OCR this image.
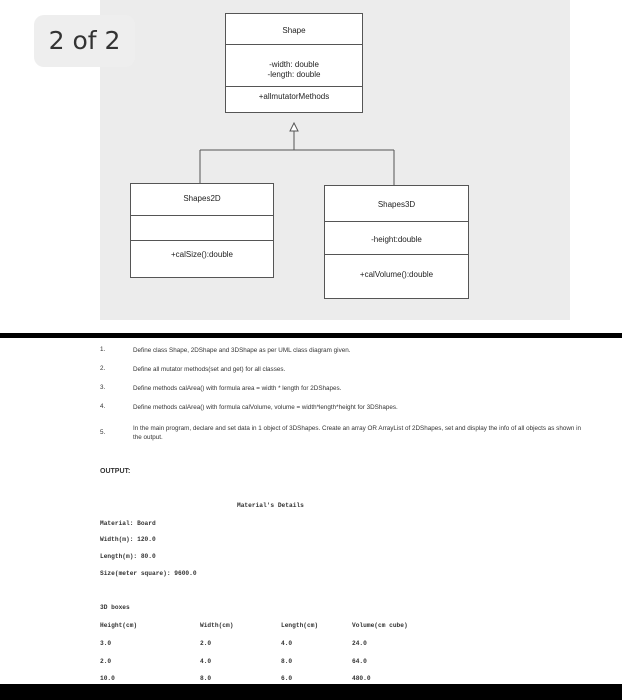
Shape
-width: double
-length: double
+allmutatorMethods
Shapes2D
+calSize():double
Shapes3D
-height:double
+calVolume():double
2 of 2
1.	Define class Shape, 2DShape and 3DShape as per UML class diagram given.
2.	Define all mutator methods(set and get) for all classes.
3.	Define methods calArea() with formula area = width * length for 2DShapes.
4.	Define methods calArea() with formula calVolume, volume = width*length*height for 3DShapes.
5.
In the main program, declare and set data in 1 object of 3DShapes. Create an array OR ArrayList of 2DShapes, set and display the info of all objects as shown in the output.
OUTPUT:
Material's Details
Material: Board
Width(m): 120.0
Length(m): 80.0
Size(meter square): 9600.0
3D boxes
Height(cm)	Width(cm)	Length(cm)	Volume(cm cube)
3.0	2.0	4.0	24.0
2.0	4.0	8.0	64.0
10.0	8.0	6.0	480.0
